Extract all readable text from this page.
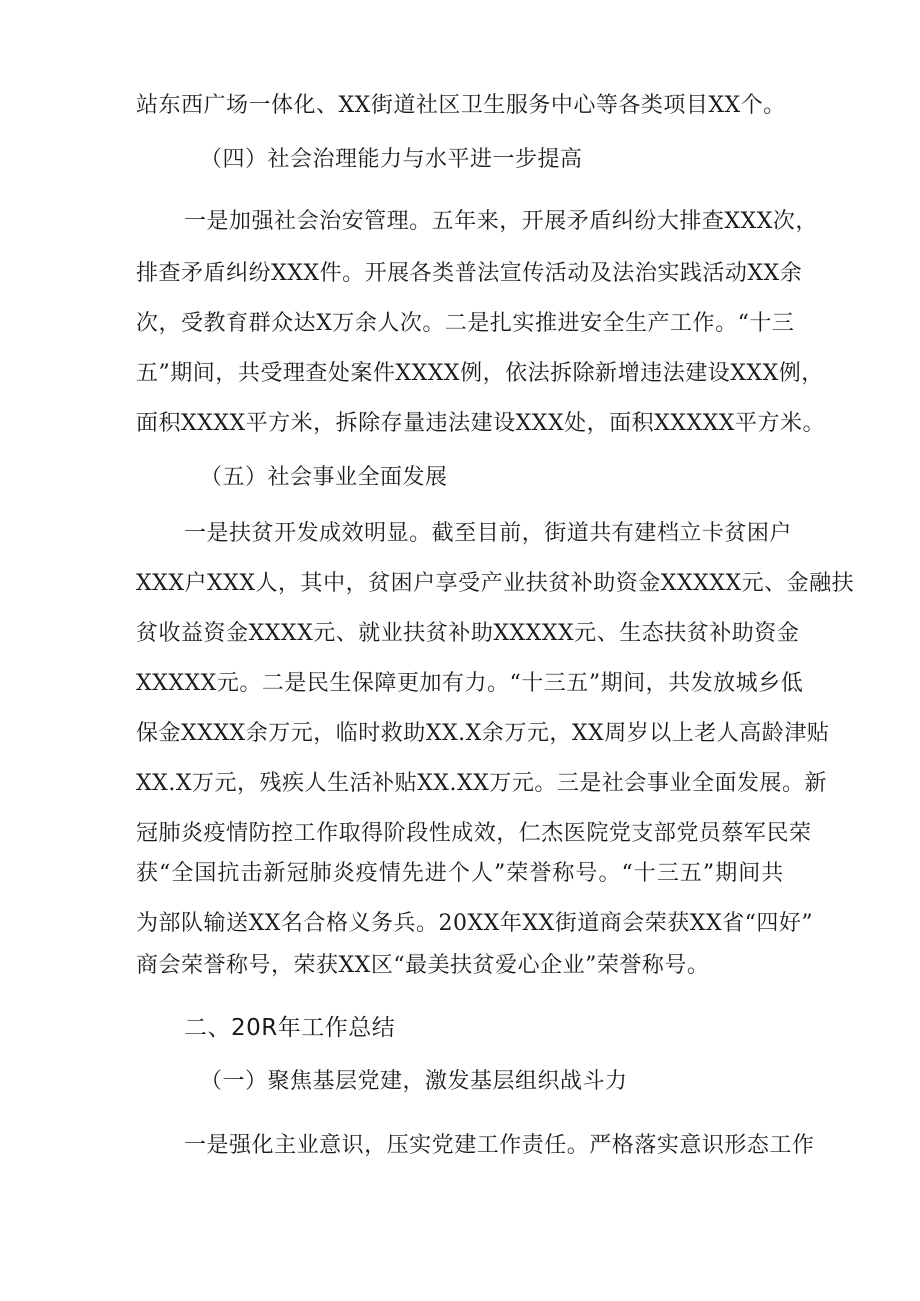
站东西广场一体化、XX街道社区卫生服务中心等各类项目XX个。
（四）社会治理能力与水平进一步提高
一 是 加 强 社 会 治 安 管 理 。 五 年 来 ， 开 展 矛 盾 纠 纷 大 排 查 XXX 次 ，
排 查 矛 盾 纠 纷 XXX 件 。 开 展 各 类 普 法 宣 传 活 动 及 法 治 实 践 活 动 XX 余
次 ， 受 教 育 群 众 达 X 万 余 人 次 。 二 是 扎 实 推 进 安 全 生 产 工 作 。 “ 十 三
五 ” 期 间 ， 共 受 理 查 处 案 件 XXXX 例 ， 依 法 拆 除 新 增 违 法 建 设 XXX 例 ，
面积XXXX平方米，拆除存量违法建设XXX处，面积XXXXX平方米。
（五）社会事业全面发展
一 是 扶 贫 开 发 成 效 明 显 。 截 至 目 前 ， 街 道 共 有 建 档 立 卡 贫 困 户
XXX 户 XXX 人 ， 其 中 ， 贫 困 户 享 受 产 业 扶 贫 补 助 资 金 XXXXX 元 、 金 融 扶
贫 收 益 资 金 XXXX 元 、 就 业 扶 贫 补 助 XXXXX 元 、 生 态 扶 贫 补 助 资 金
XXXXX 元 。 二 是 民 生 保 障 更 加 有 力 。 “ 十 三 五 ” 期 间 ， 共 发 放 城 乡 低
保 金 XXXX 余 万 元 ， 临 时 救 助 XX.X 余 万 元 ， XX 周 岁 以 上 老 人 高 龄 津 贴
XX.X 万 元 ， 残 疾 人 生 活 补 贴 XX.XX 万 元 。 三 是 社 会 事 业 全 面 发 展 。 新
冠 肺 炎 疫 情 防 控 工 作 取 得 阶 段 性 成 效 ， 仁 杰 医 院 党 支 部 党 员 蔡 军 民 荣
获 “ 全 国 抗 击 新 冠 肺 炎 疫 情 先 进 个 人 ” 荣 誉 称 号 。 “ 十 三 五 ” 期 间 共
为 部 队 输 送 XX 名 合 格 义 务 兵 。 20XX 年 XX 街 道 商 会 荣 获 XX 省 “ 四 好 ”
商会荣誉称号，荣获XX区“最美扶贫爱心企业”荣誉称号。
二、20R年工作总结
（一）聚焦基层党建，激发基层组织战斗力
一 是 强 化 主 业 意 识 ， 压 实 党 建 工 作 责 任 。 严 格 落 实 意 识 形 态 工 作
